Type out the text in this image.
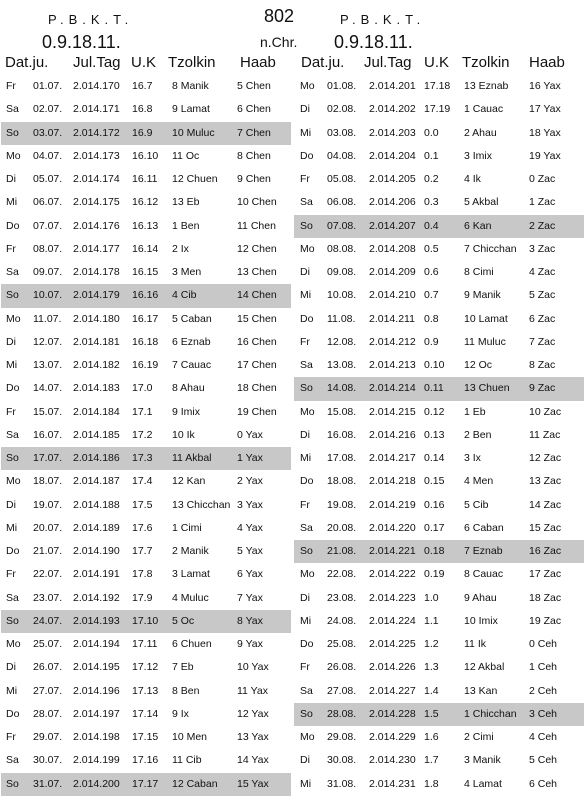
P.B.K.T.
0.9.18.11.
802
n.Chr.
P.B.K.T.
0.9.18.11.
Dat.ju. Jul.Tag U.K Tzolkin Haab Dat.ju. Jul.Tag U.K Tzolkin Haab
Fr 01.07. 2.014.170 16.7 8 Manik	5 Chen
Sa 02.07. 2.014.171 16.8 9 Lamat	6 Chen
So 03.07. 2.014.172 16.9 10 Muluc 7 Chen
Mo 04.07. 2.014.173 16.10 11 Oc	8 Chen
Di 05.07. 2.014.174 16.11 12 Chuen 9 Chen
Mi 06.07. 2.014.175 16.12 13 Eb	10 Chen
Do 07.07. 2.014.176 16.13 1 Ben	11 Chen
Fr 08.07. 2.014.177 16.14 2 Ix	12 Chen
Sa 09.07. 2.014.178 16.15 3 Men	13 Chen
So 10.07. 2.014.179 16.16 4 Cib	14 Chen
Mo 11.07. 2.014.180 16.17 5 Caban 15 Chen
Di 12.07. 2.014.181 16.18 6 Eznab	16 Chen
Mi 13.07. 2.014.182 16.19 7 Cauac 17 Chen
Do 14.07. 2.014.183 17.0 8 Ahau	18 Chen
Fr 15.07. 2.014.184 17.1 9 Imix	19 Chen
Sa 16.07. 2.014.185 17.2 10 Ik	0 Yax
So 17.07. 2.014.186 17.3 11 Akbal 1 Yax
Mo 18.07. 2.014.187 17.4 12 Kan	2 Yax
Di 19.07. 2.014.188 17.5 13 Chicchan 3 Yax
Mi 20.07. 2.014.189 17.6 1 Cimi	4 Yax
Do 21.07. 2.014.190 17.7 2 Manik	5 Yax
Fr 22.07. 2.014.191 17.8 3 Lamat	6 Yax
Sa 23.07. 2.014.192 17.9 4 Muluc	7 Yax
So 24.07. 2.014.193 17.10 5 Oc	8 Yax
Mo 25.07. 2.014.194 17.11 6 Chuen 9 Yax
Di 26.07. 2.014.195 17.12 7 Eb	10 Yax
Mi 27.07. 2.014.196 17.13 8 Ben	11 Yax
Do 28.07. 2.014.197 17.14 9 Ix	12 Yax
Fr 29.07. 2.014.198 17.15 10 Men	13 Yax
Sa 30.07. 2.014.199 17.16 11 Cib	14 Yax
So 31.07. 2.014.200 17.17 12 Caban 15 Yax
Mo 01.08. 2.014.201 17.18 13 Eznab 16 Yax
Di 02.08. 2.014.202 17.19 1 Cauac 17 Yax
Mi 03.08. 2.014.203 0.0 2 Ahau	18 Yax
Do 04.08. 2.014.204 0.1 3 Imix	19 Yax
Fr 05.08. 2.014.205 0.2 4 Ik	0 Zac
Sa 06.08. 2.014.206 0.3 5 Akbal	1 Zac
So 07.08. 2.014.207 0.4 6 Kan	2 Zac
Mo 08.08. 2.014.208 0.5 7 Chicchan 3 Zac
Di 09.08. 2.014.209 0.6 8 Cimi	4 Zac
Mi 10.08. 2.014.210 0.7 9 Manik	5 Zac
Do 11.08. 2.014.211 0.8 10 Lamat 6 Zac
Fr 12.08. 2.014.212 0.9 11 Muluc 7 Zac
Sa 13.08. 2.014.213 0.10 12 Oc	8 Zac
So 14.08. 2.014.214 0.11 13 Chuen 9 Zac
Mo 15.08. 2.014.215 0.12 1 Eb	10 Zac
Di 16.08. 2.014.216 0.13 2 Ben	11 Zac
Mi 17.08. 2.014.217 0.14 3 Ix	12 Zac
Do 18.08. 2.014.218 0.15 4 Men	13 Zac
Fr 19.08. 2.014.219 0.16 5 Cib	14 Zac
Sa 20.08. 2.014.220 0.17 6 Caban 15 Zac
So 21.08. 2.014.221 0.18 7 Eznab	16 Zac
Mo 22.08. 2.014.222 0.19 8 Cauac 17 Zac
Di 23.08. 2.014.223 1.0 9 Ahau	18 Zac
Mi 24.08. 2.014.224 1.1 10 Imix	19 Zac
Do 25.08. 2.014.225 1.2 11 Ik	0 Ceh
Fr 26.08. 2.014.226 1.3 12 Akbal 1 Ceh
Sa 27.08. 2.014.227 1.4 13 Kan	2 Ceh
So 28.08. 2.014.228 1.5 1 Chicchan 3 Ceh
Mo 29.08. 2.014.229 1.6 2 Cimi	4 Ceh
Di 30.08. 2.014.230 1.7 3 Manik	5 Ceh
Mi 31.08. 2.014.231 1.8 4 Lamat	6 Ceh
